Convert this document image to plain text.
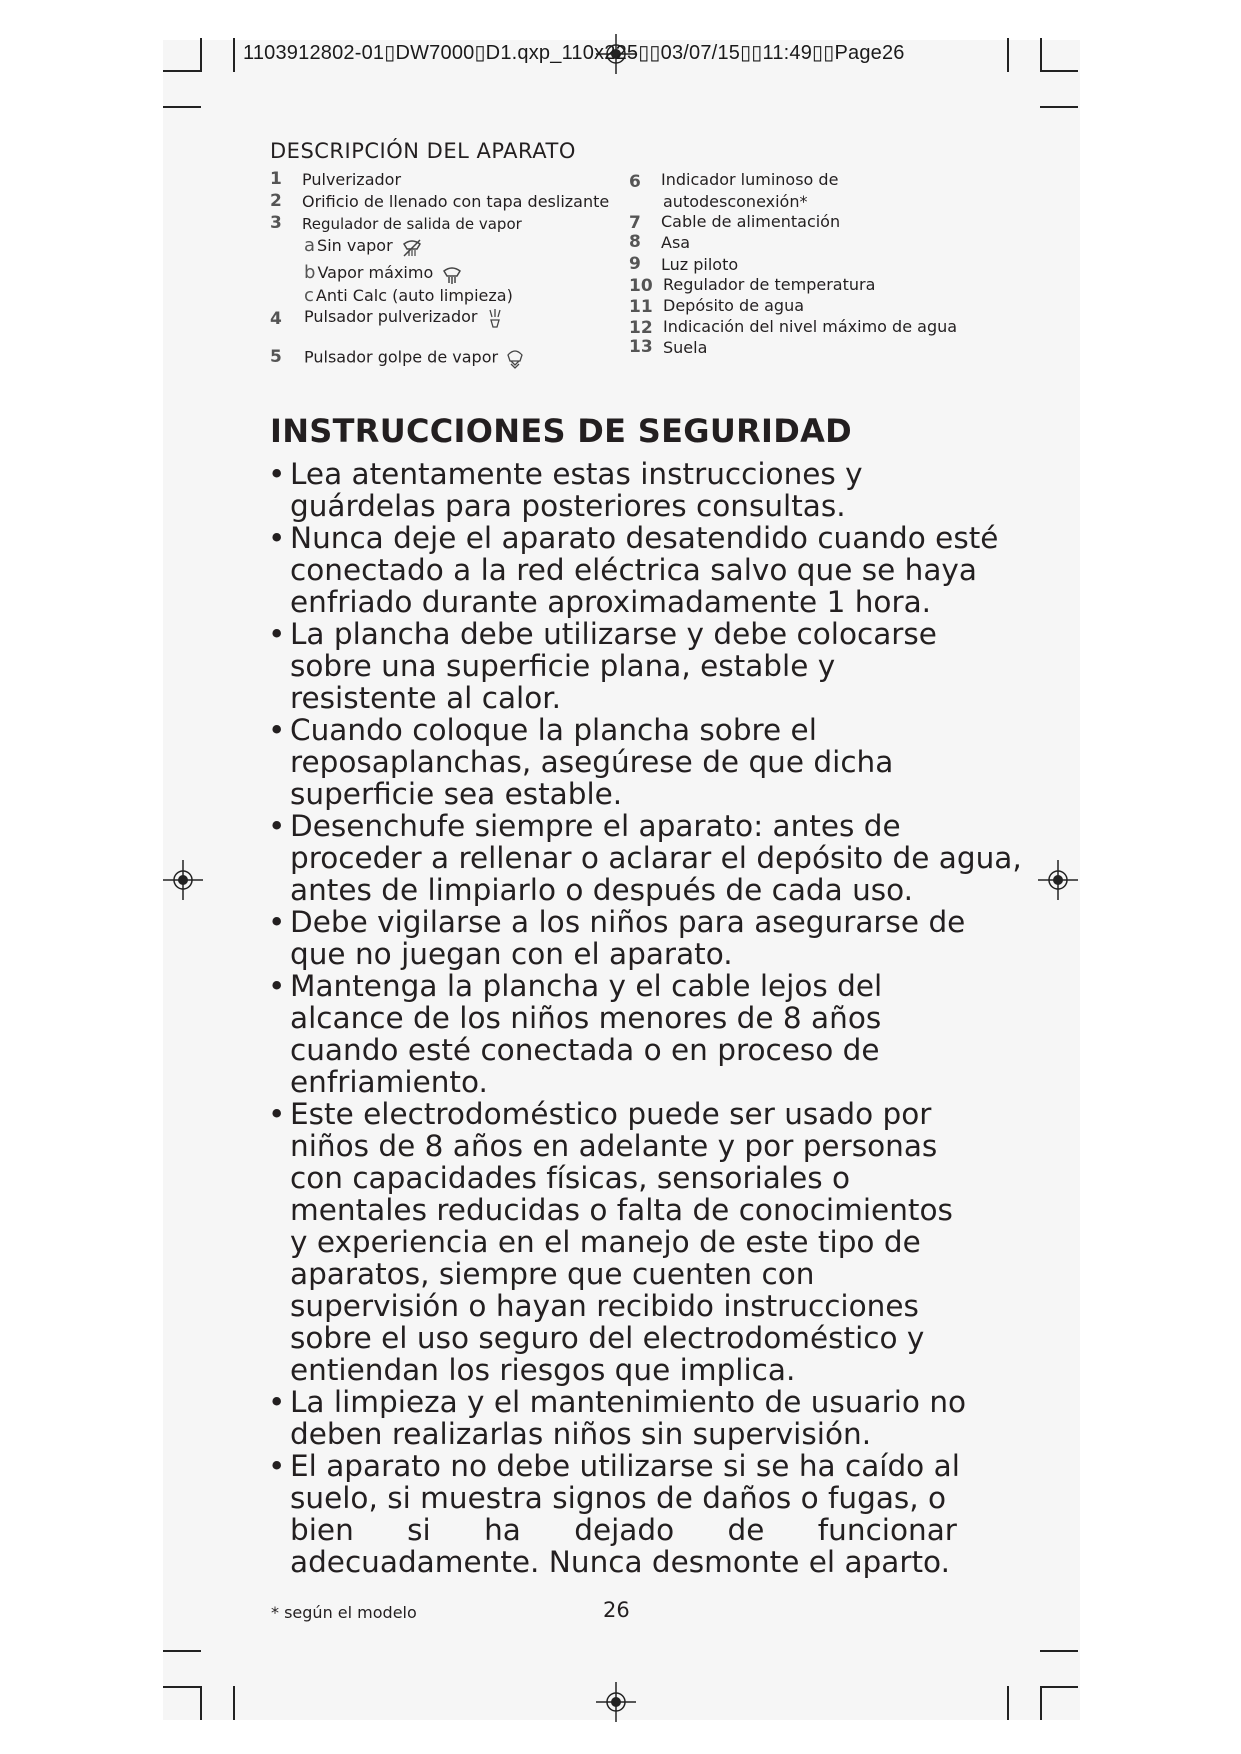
1103912802-01▯DW7000▯D1.qxp_110x225▯▯03/07/15▯▯11:49▯▯Page26
DESCRIPCIÓN DEL APARATO
1 Pulverizador
2 Orificio de llenado con tapa deslizante
3 Regulador de salida de vapor
a Sin vapor
b Vapor máximo
c Anti Calc (auto limpieza)
4 Pulsador pulverizador
5 Pulsador golpe de vapor
6 Indicador luminoso de
autodesconexión*
7 Cable de alimentación
8 Asa
9 Luz piloto
10 Regulador de temperatura
11 Depósito de agua
12 Indicación del nivel máximo de agua
13 Suela
INSTRUCCIONES DE SEGURIDAD
• Lea atentamente estas instrucciones y
guárdelas para posteriores consultas.
• Nunca deje el aparato desatendido cuando esté
conectado a la red eléctrica salvo que se haya
enfriado durante aproximadamente 1 hora.
• La plancha debe utilizarse y debe colocarse
sobre una superficie plana, estable y
resistente al calor.
• Cuando coloque la plancha sobre el
reposaplanchas, asegúrese de que dicha
superficie sea estable.
• Desenchufe siempre el aparato: antes de
proceder a rellenar o aclarar el depósito de agua,
antes de limpiarlo o después de cada uso.
• Debe vigilarse a los niños para asegurarse de
que no juegan con el aparato.
• Mantenga la plancha y el cable lejos del
alcance de los niños menores de 8 años
cuando esté conectada o en proceso de
enfriamiento.
• Este electrodoméstico puede ser usado por
niños de 8 años en adelante y por personas
con capacidades físicas, sensoriales o
mentales reducidas o falta de conocimientos
y experiencia en el manejo de este tipo de
aparatos, siempre que cuenten con
supervisión o hayan recibido instrucciones
sobre el uso seguro del electrodoméstico y
entiendan los riesgos que implica.
• La limpieza y el mantenimiento de usuario no
deben realizarlas niños sin supervisión.
• El aparato no debe utilizarse si se ha caído al
suelo, si muestra signos de daños o fugas, o
bien si ha dejado de funcionar
adecuadamente. Nunca desmonte el aparto.
* según el modelo	26
